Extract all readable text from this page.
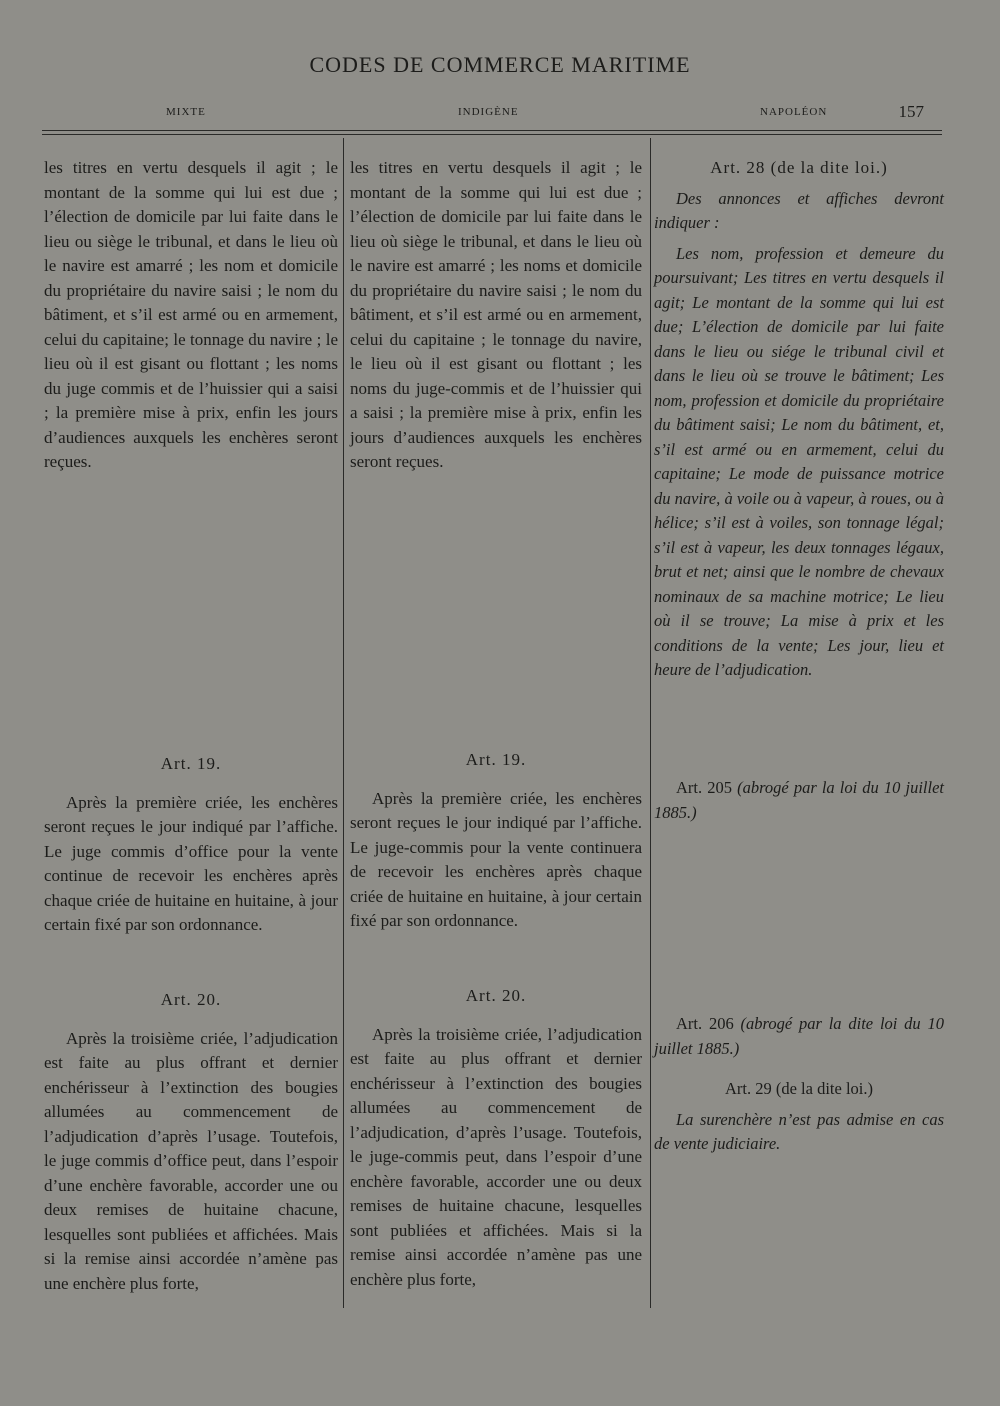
CODES DE COMMERCE MARITIME
MIXTE	INDIGÈNE	NAPOLÉON	157

les titres en vertu desquels il agit ; le montant de la somme qui lui est due ; l’élection de domicile par lui faite dans le lieu ou siège le tribunal, et dans le lieu où le navire est amarré ; les nom et domicile du propriétaire du navire saisi ; le nom du bâtiment, et s’il est armé ou en armement, celui du capitaine; le tonnage du navire ; le lieu où il est gisant ou flottant ; les noms du juge commis et de l’huissier qui a saisi ; la première mise à prix, enfin les jours d’audiences auxquels les enchères seront reçues.

Art. 19.

Après la première criée, les enchères seront reçues le jour indiqué par l’affiche. Le juge commis d’office pour la vente continue de recevoir les enchères après chaque criée de huitaine en huitaine, à jour certain fixé par son ordonnance.

Art. 20.

Après la troisième criée, l’adjudication est faite au plus offrant et dernier enchérisseur à l’extinction des bougies allumées au commencement de l’adjudication d’après l’usage. Toutefois, le juge commis d’office peut, dans l’espoir d’une enchère favorable, accorder une ou deux remises de huitaine chacune, lesquelles sont publiées et affichées. Mais si la remise ainsi accordée n’amène pas une enchère plus forte,

les titres en vertu desquels il agit ; le montant de la somme qui lui est due ; l’élection de domicile par lui faite dans le lieu où siège le tribunal, et dans le lieu où le navire est amarré ; les noms et domicile du propriétaire du navire saisi ; le nom du bâtiment, et s’il est armé ou en armement, celui du capitaine ; le tonnage du navire, le lieu où il est gisant ou flottant ; les noms du juge-commis et de l’huissier qui a saisi ; la première mise à prix, enfin les jours d’audiences auxquels les enchères seront reçues.

Art. 19.

Après la première criée, les enchères seront reçues le jour indiqué par l’affiche. Le juge-commis pour la vente continuera de recevoir les enchères après chaque criée de huitaine en huitaine, à jour certain fixé par son ordonnance.

Art. 20.

Après la troisième criée, l’adjudication est faite au plus offrant et dernier enchérisseur à l’extinction des bougies allumées au commencement de l’adjudication, d’après l’usage. Toutefois, le juge-commis peut, dans l’espoir d’une enchère favorable, accorder une ou deux remises de huitaine chacune, lesquelles sont publiées et affichées. Mais si la remise ainsi accordée n’amène pas une enchère plus forte,

Art. 28 (de la dite loi.)

Des annonces et affiches devront indiquer :

Les nom, profession et demeure du poursuivant; Les titres en vertu desquels il agit; Le montant de la somme qui lui est due; L’élection de domicile par lui faite dans le lieu ou siége le tribunal civil et dans le lieu où se trouve le bâtiment; Les nom, profession et domicile du propriétaire du bâtiment saisi; Le nom du bâtiment, et, s’il est armé ou en armement, celui du capitaine; Le mode de puissance motrice du navire, à voile ou à vapeur, à roues, ou à hélice; s’il est à voiles, son tonnage légal; s’il est à vapeur, les deux tonnages légaux, brut et net; ainsi que le nombre de chevaux nominaux de sa machine motrice; Le lieu où il se trouve; La mise à prix et les conditions de la vente; Les jour, lieu et heure de l’adjudication.

Art. 205 (abrogé par la loi du 10 juillet 1885.)

Art. 206 (abrogé par la dite loi du 10 juillet 1885.)

Art. 29 (de la dite loi.)

La surenchère n’est pas admise en cas de vente judiciaire.
